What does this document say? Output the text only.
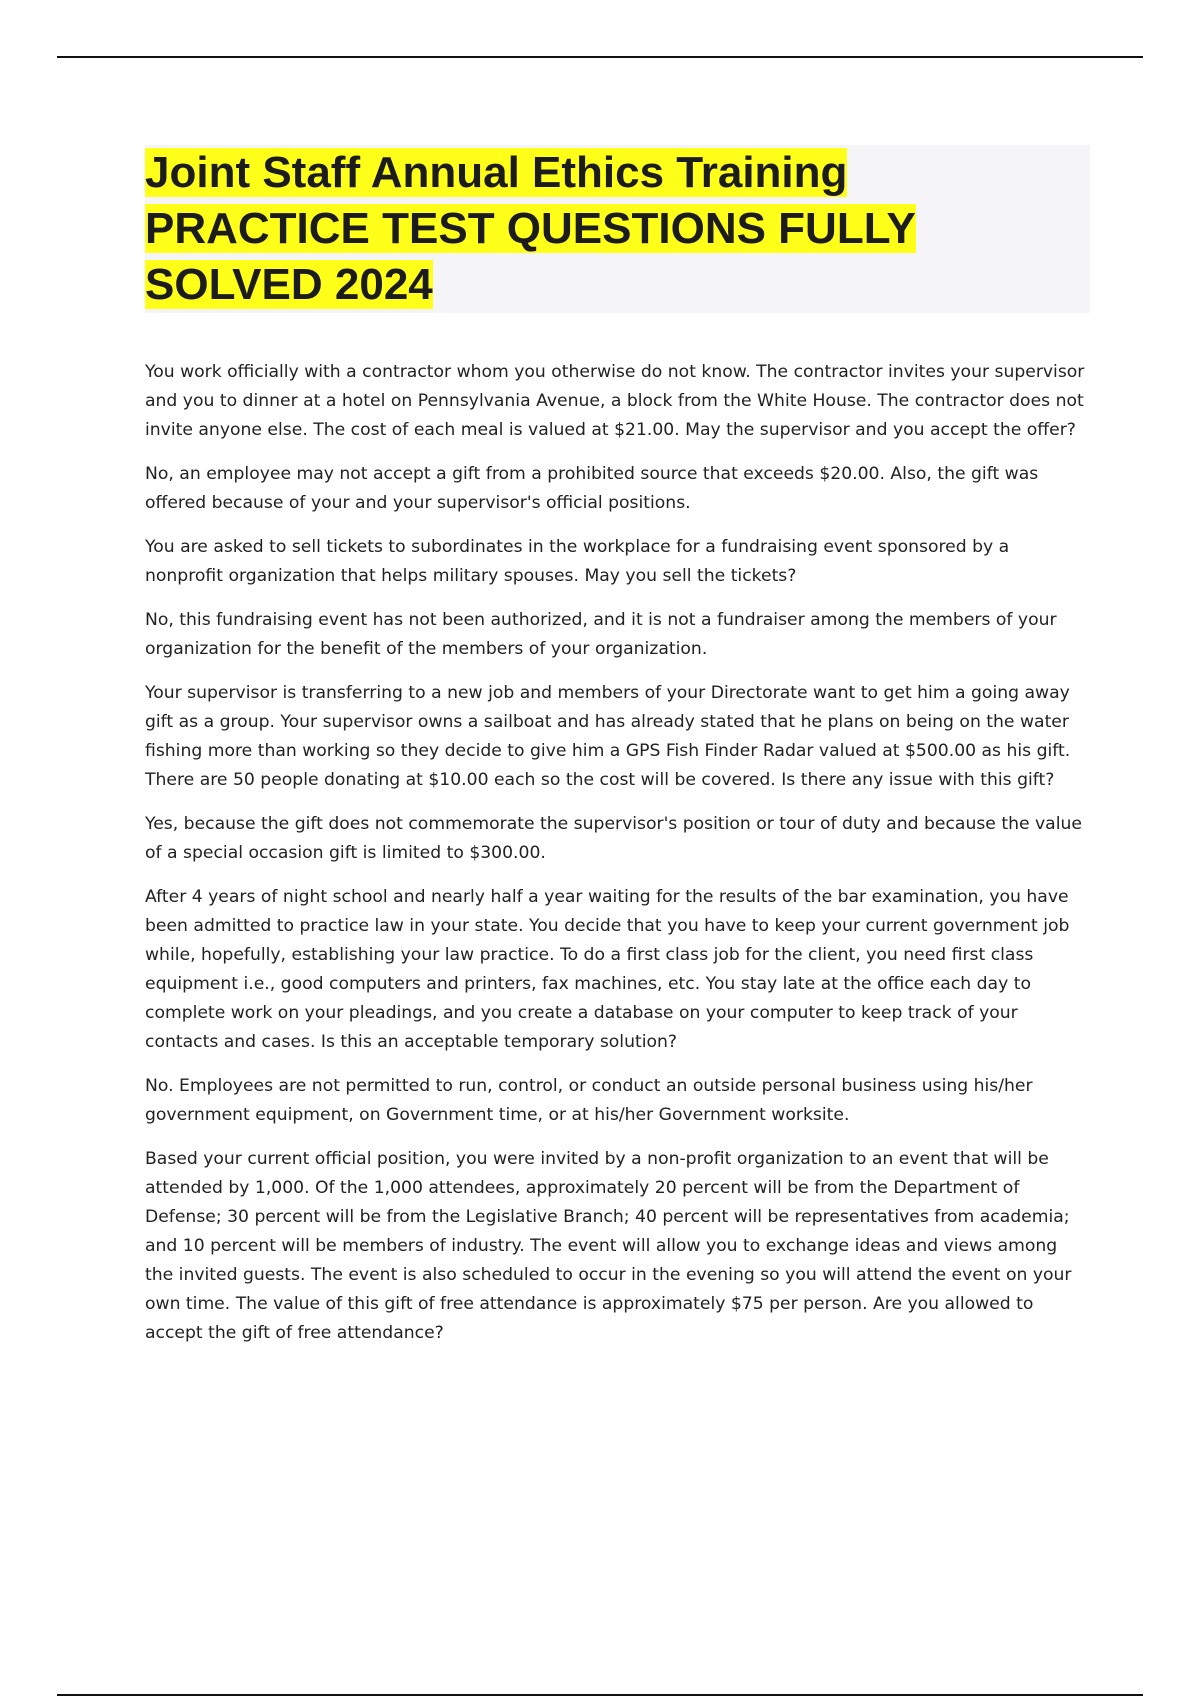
Joint Staff Annual Ethics Training
PRACTICE TEST QUESTIONS FULLY
SOLVED 2024

You work officially with a contractor whom you otherwise do not know. The contractor invites your supervisor and you to dinner at a hotel on Pennsylvania Avenue, a block from the White House. The contractor does not invite anyone else. The cost of each meal is valued at $21.00. May the supervisor and you accept the offer?

No, an employee may not accept a gift from a prohibited source that exceeds $20.00. Also, the gift was offered because of your and your supervisor's official positions.

You are asked to sell tickets to subordinates in the workplace for a fundraising event sponsored by a nonprofit organization that helps military spouses. May you sell the tickets?

No, this fundraising event has not been authorized, and it is not a fundraiser among the members of your organization for the benefit of the members of your organization.

Your supervisor is transferring to a new job and members of your Directorate want to get him a going away gift as a group. Your supervisor owns a sailboat and has already stated that he plans on being on the water fishing more than working so they decide to give him a GPS Fish Finder Radar valued at $500.00 as his gift. There are 50 people donating at $10.00 each so the cost will be covered. Is there any issue with this gift?

Yes, because the gift does not commemorate the supervisor's position or tour of duty and because the value of a special occasion gift is limited to $300.00.

After 4 years of night school and nearly half a year waiting for the results of the bar examination, you have been admitted to practice law in your state. You decide that you have to keep your current government job while, hopefully, establishing your law practice. To do a first class job for the client, you need first class equipment i.e., good computers and printers, fax machines, etc. You stay late at the office each day to complete work on your pleadings, and you create a database on your computer to keep track of your contacts and cases. Is this an acceptable temporary solution?

No. Employees are not permitted to run, control, or conduct an outside personal business using his/her government equipment, on Government time, or at his/her Government worksite.

Based your current official position, you were invited by a non-profit organization to an event that will be attended by 1,000. Of the 1,000 attendees, approximately 20 percent will be from the Department of Defense; 30 percent will be from the Legislative Branch; 40 percent will be representatives from academia; and 10 percent will be members of industry. The event will allow you to exchange ideas and views among the invited guests. The event is also scheduled to occur in the evening so you will attend the event on your own time. The value of this gift of free attendance is approximately $75 per person. Are you allowed to accept the gift of free attendance?
